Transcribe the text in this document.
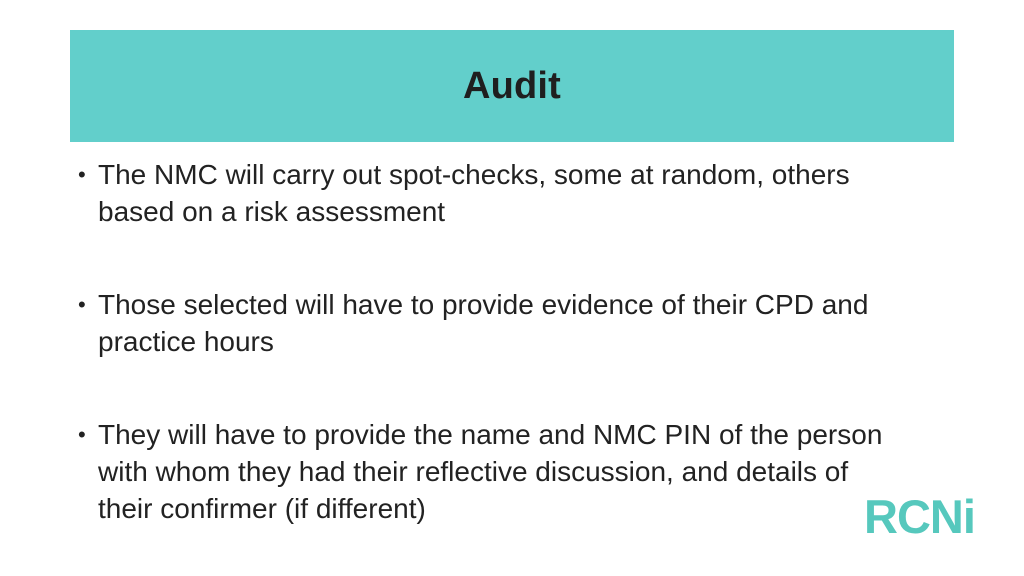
Audit
• The NMC will carry out spot-checks, some at random, others based on a risk assessment
• Those selected will have to provide evidence of their CPD and practice hours
• They will have to provide the name and NMC PIN of the person with whom they had their reflective discussion, and details of their confirmer (if different)	RCNi
